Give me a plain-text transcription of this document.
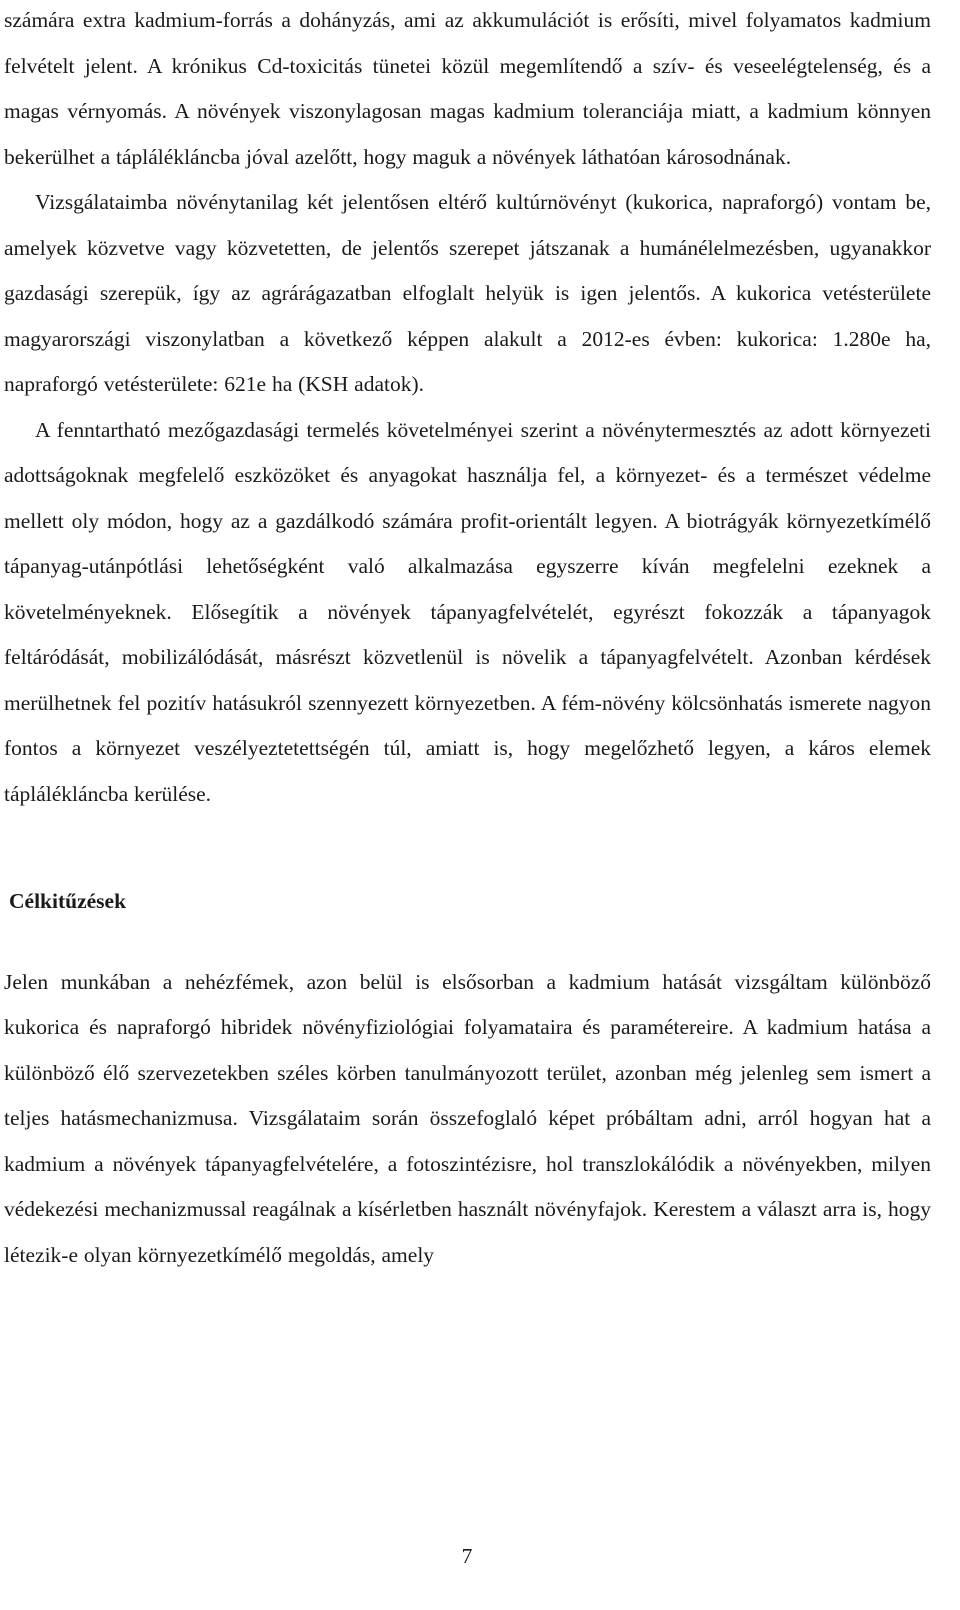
számára extra kadmium-forrás a dohányzás, ami az akkumulációt is erősíti, mivel folyamatos kadmium felvételt jelent. A krónikus Cd-toxicitás tünetei közül megemlítendő a szív- és veseelégtelenség, és a magas vérnyomás. A növények viszonylagosan magas kadmium toleranciája miatt, a kadmium könnyen bekerülhet a táplálékláncba jóval azelőtt, hogy maguk a növények láthatóan károsodnának.

Vizsgálataimba növénytanilag két jelentősen eltérő kultúrnövényt (kukorica, napraforgó) vontam be, amelyek közvetve vagy közvetetten, de jelentős szerepet játszanak a humánélelmezésben, ugyanakkor gazdasági szerepük, így az agrárágazatban elfoglalt helyük is igen jelentős. A kukorica vetésterülete magyarországi viszonylatban a következő képpen alakult a 2012-es évben: kukorica: 1.280e ha, napraforgó vetésterülete: 621e ha (KSH adatok).

A fenntartható mezőgazdasági termelés követelményei szerint a növénytermesztés az adott környezeti adottságoknak megfelelő eszközöket és anyagokat használja fel, a környezet- és a természet védelme mellett oly módon, hogy az a gazdálkodó számára profit-orientált legyen. A biotrágyák környezetkímélő tápanyag-utánpótlási lehetőségként való alkalmazása egyszerre kíván megfelelni ezeknek a követelményeknek. Elősegítik a növények tápanyagfelvételét, egyrészt fokozzák a tápanyagok feltáródását, mobilizálódását, másrészt közvetlenül is növelik a tápanyagfelvételt. Azonban kérdések merülhetnek fel pozitív hatásukról szennyezett környezetben. A fém-növény kölcsönhatás ismerete nagyon fontos a környezet veszélyeztetettségén túl, amiatt is, hogy megelőzhető legyen, a káros elemek táplálékláncba kerülése.

Célkitűzések

Jelen munkában a nehézfémek, azon belül is elsősorban a kadmium hatását vizsgáltam különböző kukorica és napraforgó hibridek növényfiziológiai folyamataira és paramétereire. A kadmium hatása a különböző élő szervezetekben széles körben tanulmányozott terület, azonban még jelenleg sem ismert a teljes hatásmechanizmusa. Vizsgálataim során összefoglaló képet próbáltam adni, arról hogyan hat a kadmium a növények tápanyagfelvételére, a fotoszintézisre, hol transzlokálódik a növényekben, milyen védekezési mechanizmussal reagálnak a kísérletben használt növényfajok. Kerestem a választ arra is, hogy létezik-e olyan környezetkímélő megoldás, amely

7
